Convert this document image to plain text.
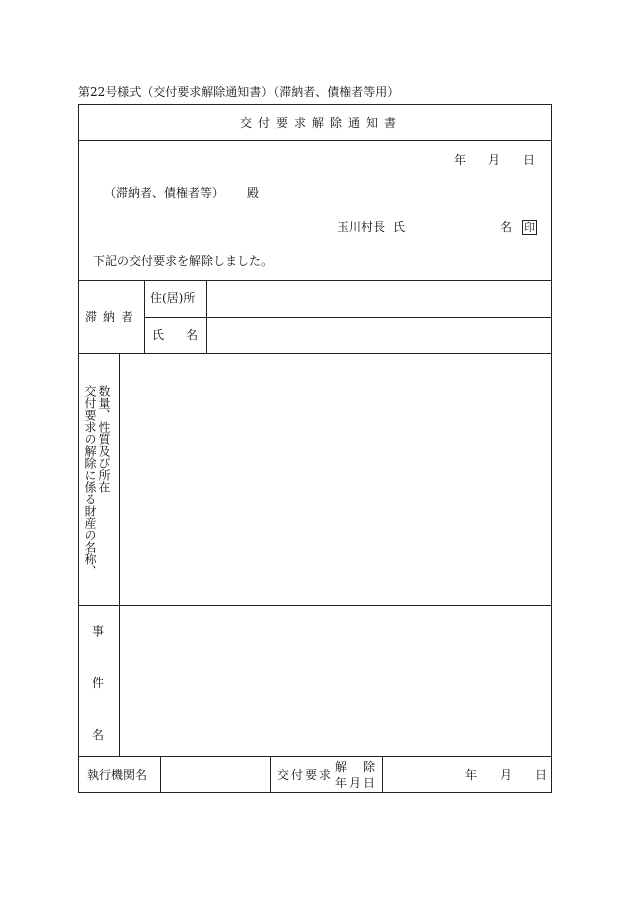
第22号様式（交付要求解除通知書）（滞納者、債権者等用）
交付要求解除通知書
年 月 日
（滞納者、債権者等） 殿
玉川村長 氏	名 印
下記の交付要求を解除しました。
滞納者
住(居)所
氏 名
数量、性質及び所在
交付要求の解除に係る財産の名称、
事
件
名
執行機関名	交付要求
解　除
年月日
年 月 日
